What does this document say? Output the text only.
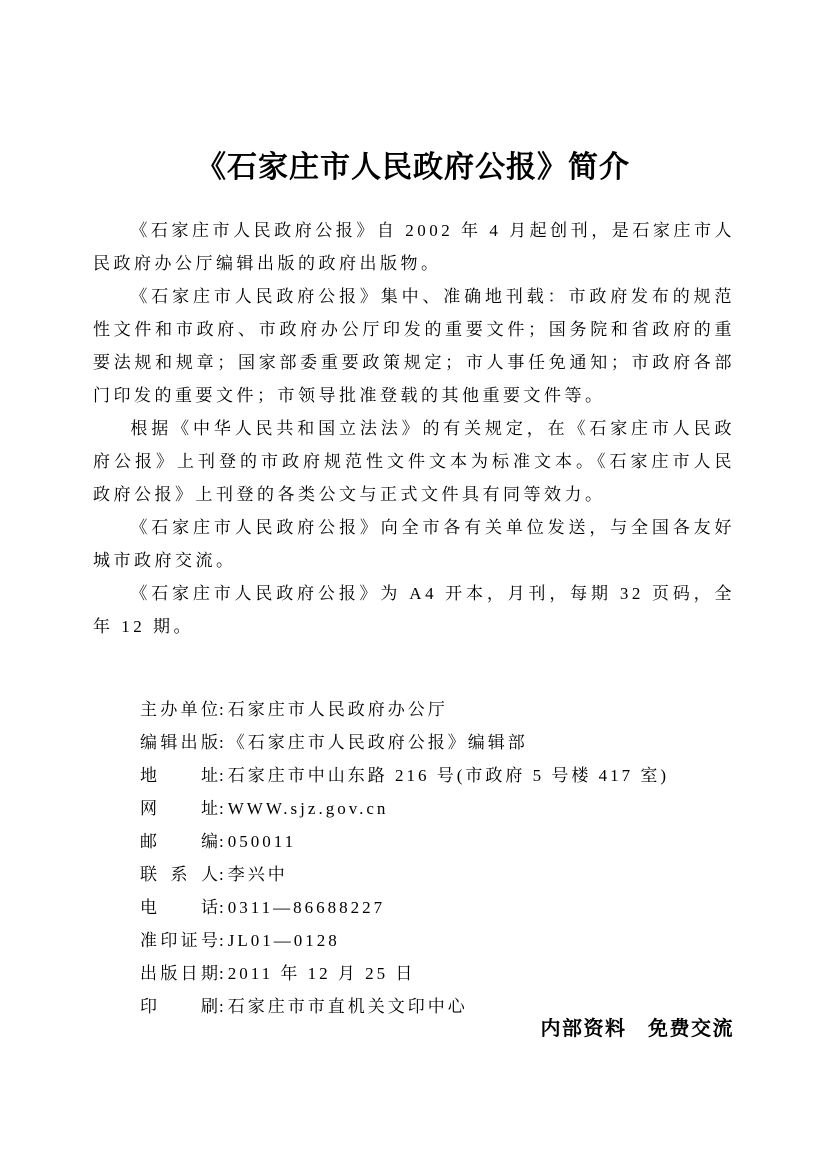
《石家庄市人民政府公报》简介

《石家庄市人民政府公报》自 2002 年 4 月起创刊，是石家庄市人民政府办公厅编辑出版的政府出版物。

《石家庄市人民政府公报》集中、准确地刊载：市政府发布的规范性文件和市政府、市政府办公厅印发的重要文件；国务院和省政府的重要法规和规章；国家部委重要政策规定；市人事任免通知；市政府各部门印发的重要文件；市领导批准登载的其他重要文件等。

根据《中华人民共和国立法法》的有关规定，在《石家庄市人民政府公报》上刊登的市政府规范性文件文本为标准文本。《石家庄市人民政府公报》上刊登的各类公文与正式文件具有同等效力。

《石家庄市人民政府公报》向全市各有关单位发送，与全国各友好城市政府交流。

《石家庄市人民政府公报》为 A4 开本，月刊，每期 32 页码，全年 12 期。

主办单位 : 石家庄市人民政府办公厅
编辑出版 : 《石家庄市人民政府公报》编辑部
地址 : 石家庄市中山东路 216 号(市政府 5 号楼 417 室)
网址 : WWW.sjz.gov.cn
邮编 : 050011
联系人 : 李兴中
电话 : 0311—86688227
准印证号 : JL01—0128
出版日期 : 2011 年 12 月 25 日
印刷 : 石家庄市市直机关文印中心
内部资料　免费交流
